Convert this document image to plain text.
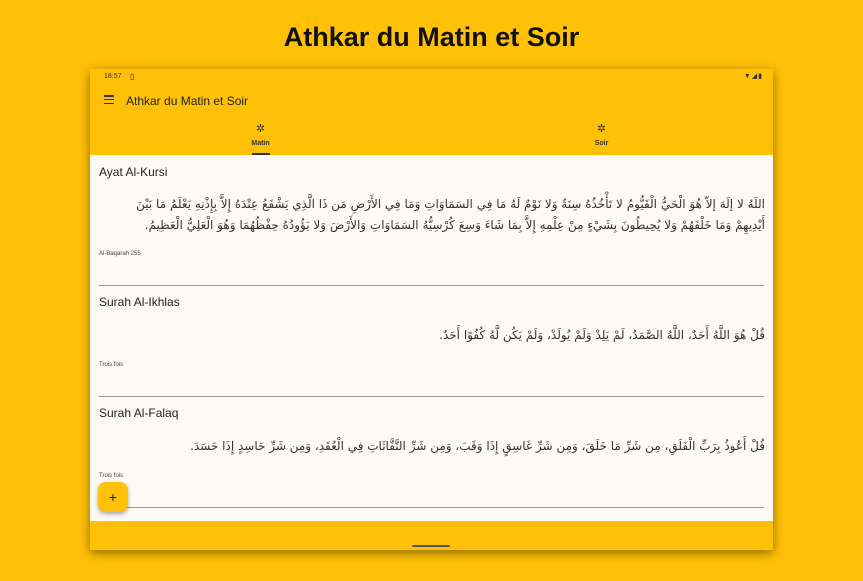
Athkar du Matin et Soir
18:57 ▯	▼◢▮
Athkar du Matin et Soir
✲
Matin
✲
Soir
Ayat Al-Kursi
اللَهُ لا إلَهَ إلاّ هُوَ الْحَيُّ الْقَيُّومُ لا تَأْخُذُهُ سِنَةٌ وَلا نَوْمٌ لَهُ مَا فِي السَمَاوَاتِ وَمَا فِي الأَرْضِ مَن ذَا الَّذِي يَشْفَعُ عِنْدَهُ إِلاَّ بِإِذْنِهِ يَعْلَمُ مَا بَيْنَ أَيْدِيهِمْ وَمَا خَلْفَهُمْ وَلا يُحِيطُونَ بِشَيْءٍ مِنْ عِلْمِهِ إِلاَّ بِمَا شَاءَ وَسِعَ كُرْسِيُّهُ السَمَاوَاتِ وَالأَرْضَ وَلا يَؤُودُهُ حِفْظُهُمَا وَهُوَ الْعَلِيُّ الْعَظِيمُ.
Al-Baqarah 255
Surah Al-Ikhlas
قُلْ هُوَ اللَّهُ أَحَدٌ، اللَّهُ الصَّمَدُ، لَمْ يَلِدْ وَلَمْ يُولَدْ، وَلَمْ يَكُن لَّهُ كُفُوًا أَحَدٌ.
Trois fois
Surah Al-Falaq
قُلْ أَعُوذُ بِرَبِّ الْفَلَقِ، مِن شَرِّ مَا خَلَقَ، وَمِن شَرِّ غَاسِقٍ إِذَا وَقَبَ، وَمِن شَرِّ النَّفَّاثَاتِ فِي الْعُقَدِ، وَمِن شَرِّ حَاسِدٍ إِذَا حَسَدَ.
Trois fois
+
